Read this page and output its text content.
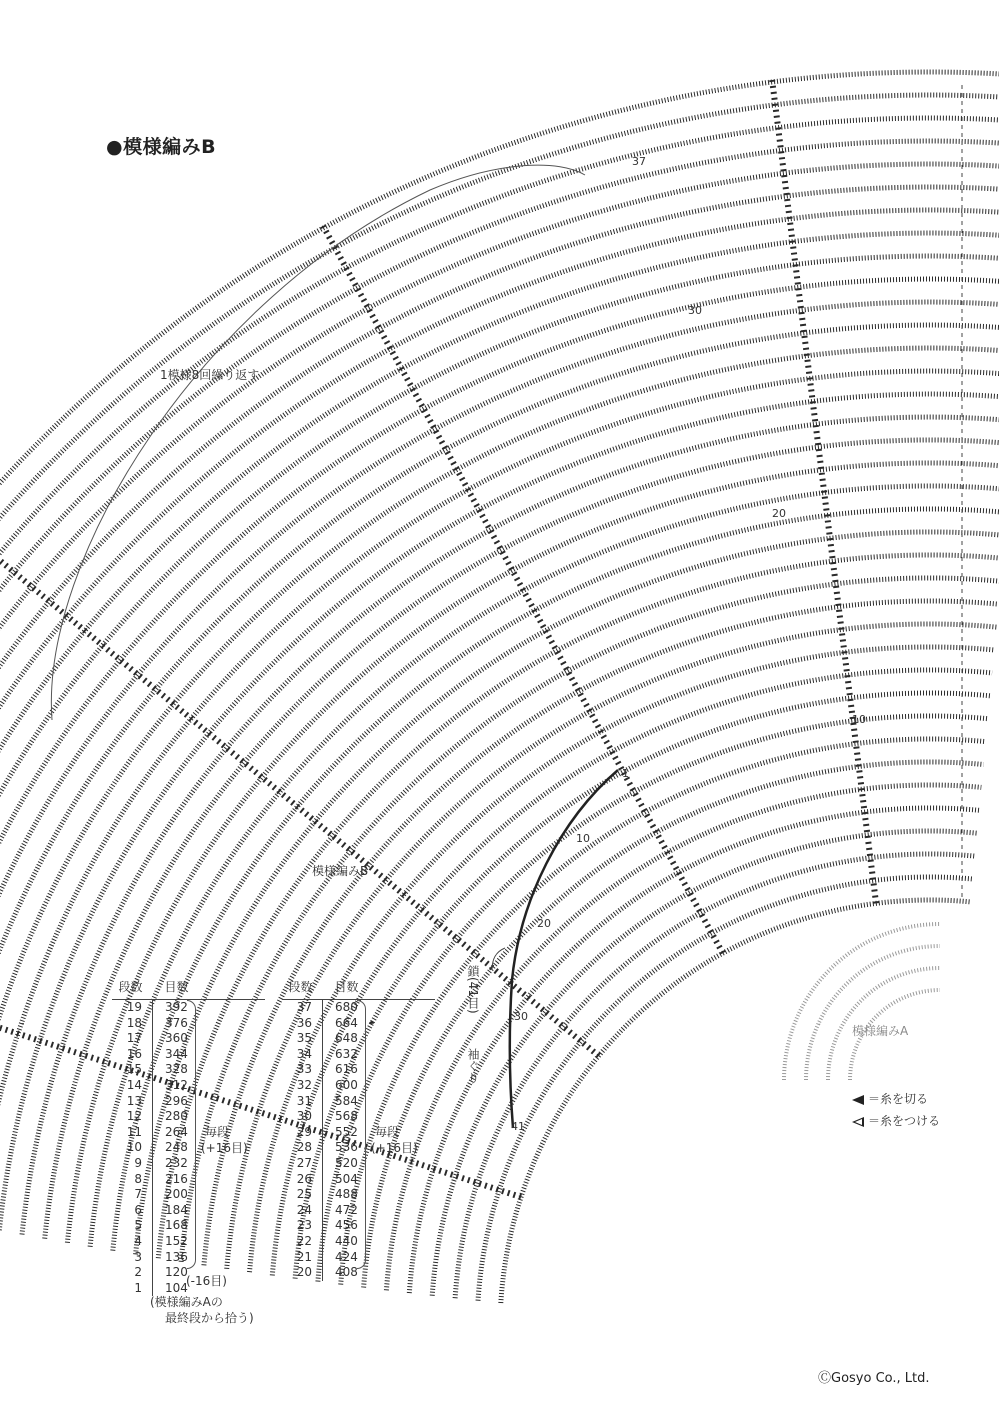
●模様編みB
1模様8回繰り返す
模様編みB
模様編みA
鎖(41目)
袖ぐり
37
30
20
10
1
10
20
30
41
段数	目数
19	392
18	376
17	360
16	344
15	328
14	312
13	296
12	280
11	264
10	248
9	232
8	216
7	200
6	184
5	168
4	152
3	136
2	120
1	104
毎段
(+16目)
(-16目)
(模様編みAの
最終段から拾う)
段数	目数
37	680
36	664
35	648
34	632
33	616
32	600
31	584
30	568
29	552
28	536
27	520
26	504
25	488
24	472
23	456
22	440
21	424
20	408
毎段
(+16目)
＝糸を切る
＝糸をつける
ⒸGosyo Co., Ltd.
